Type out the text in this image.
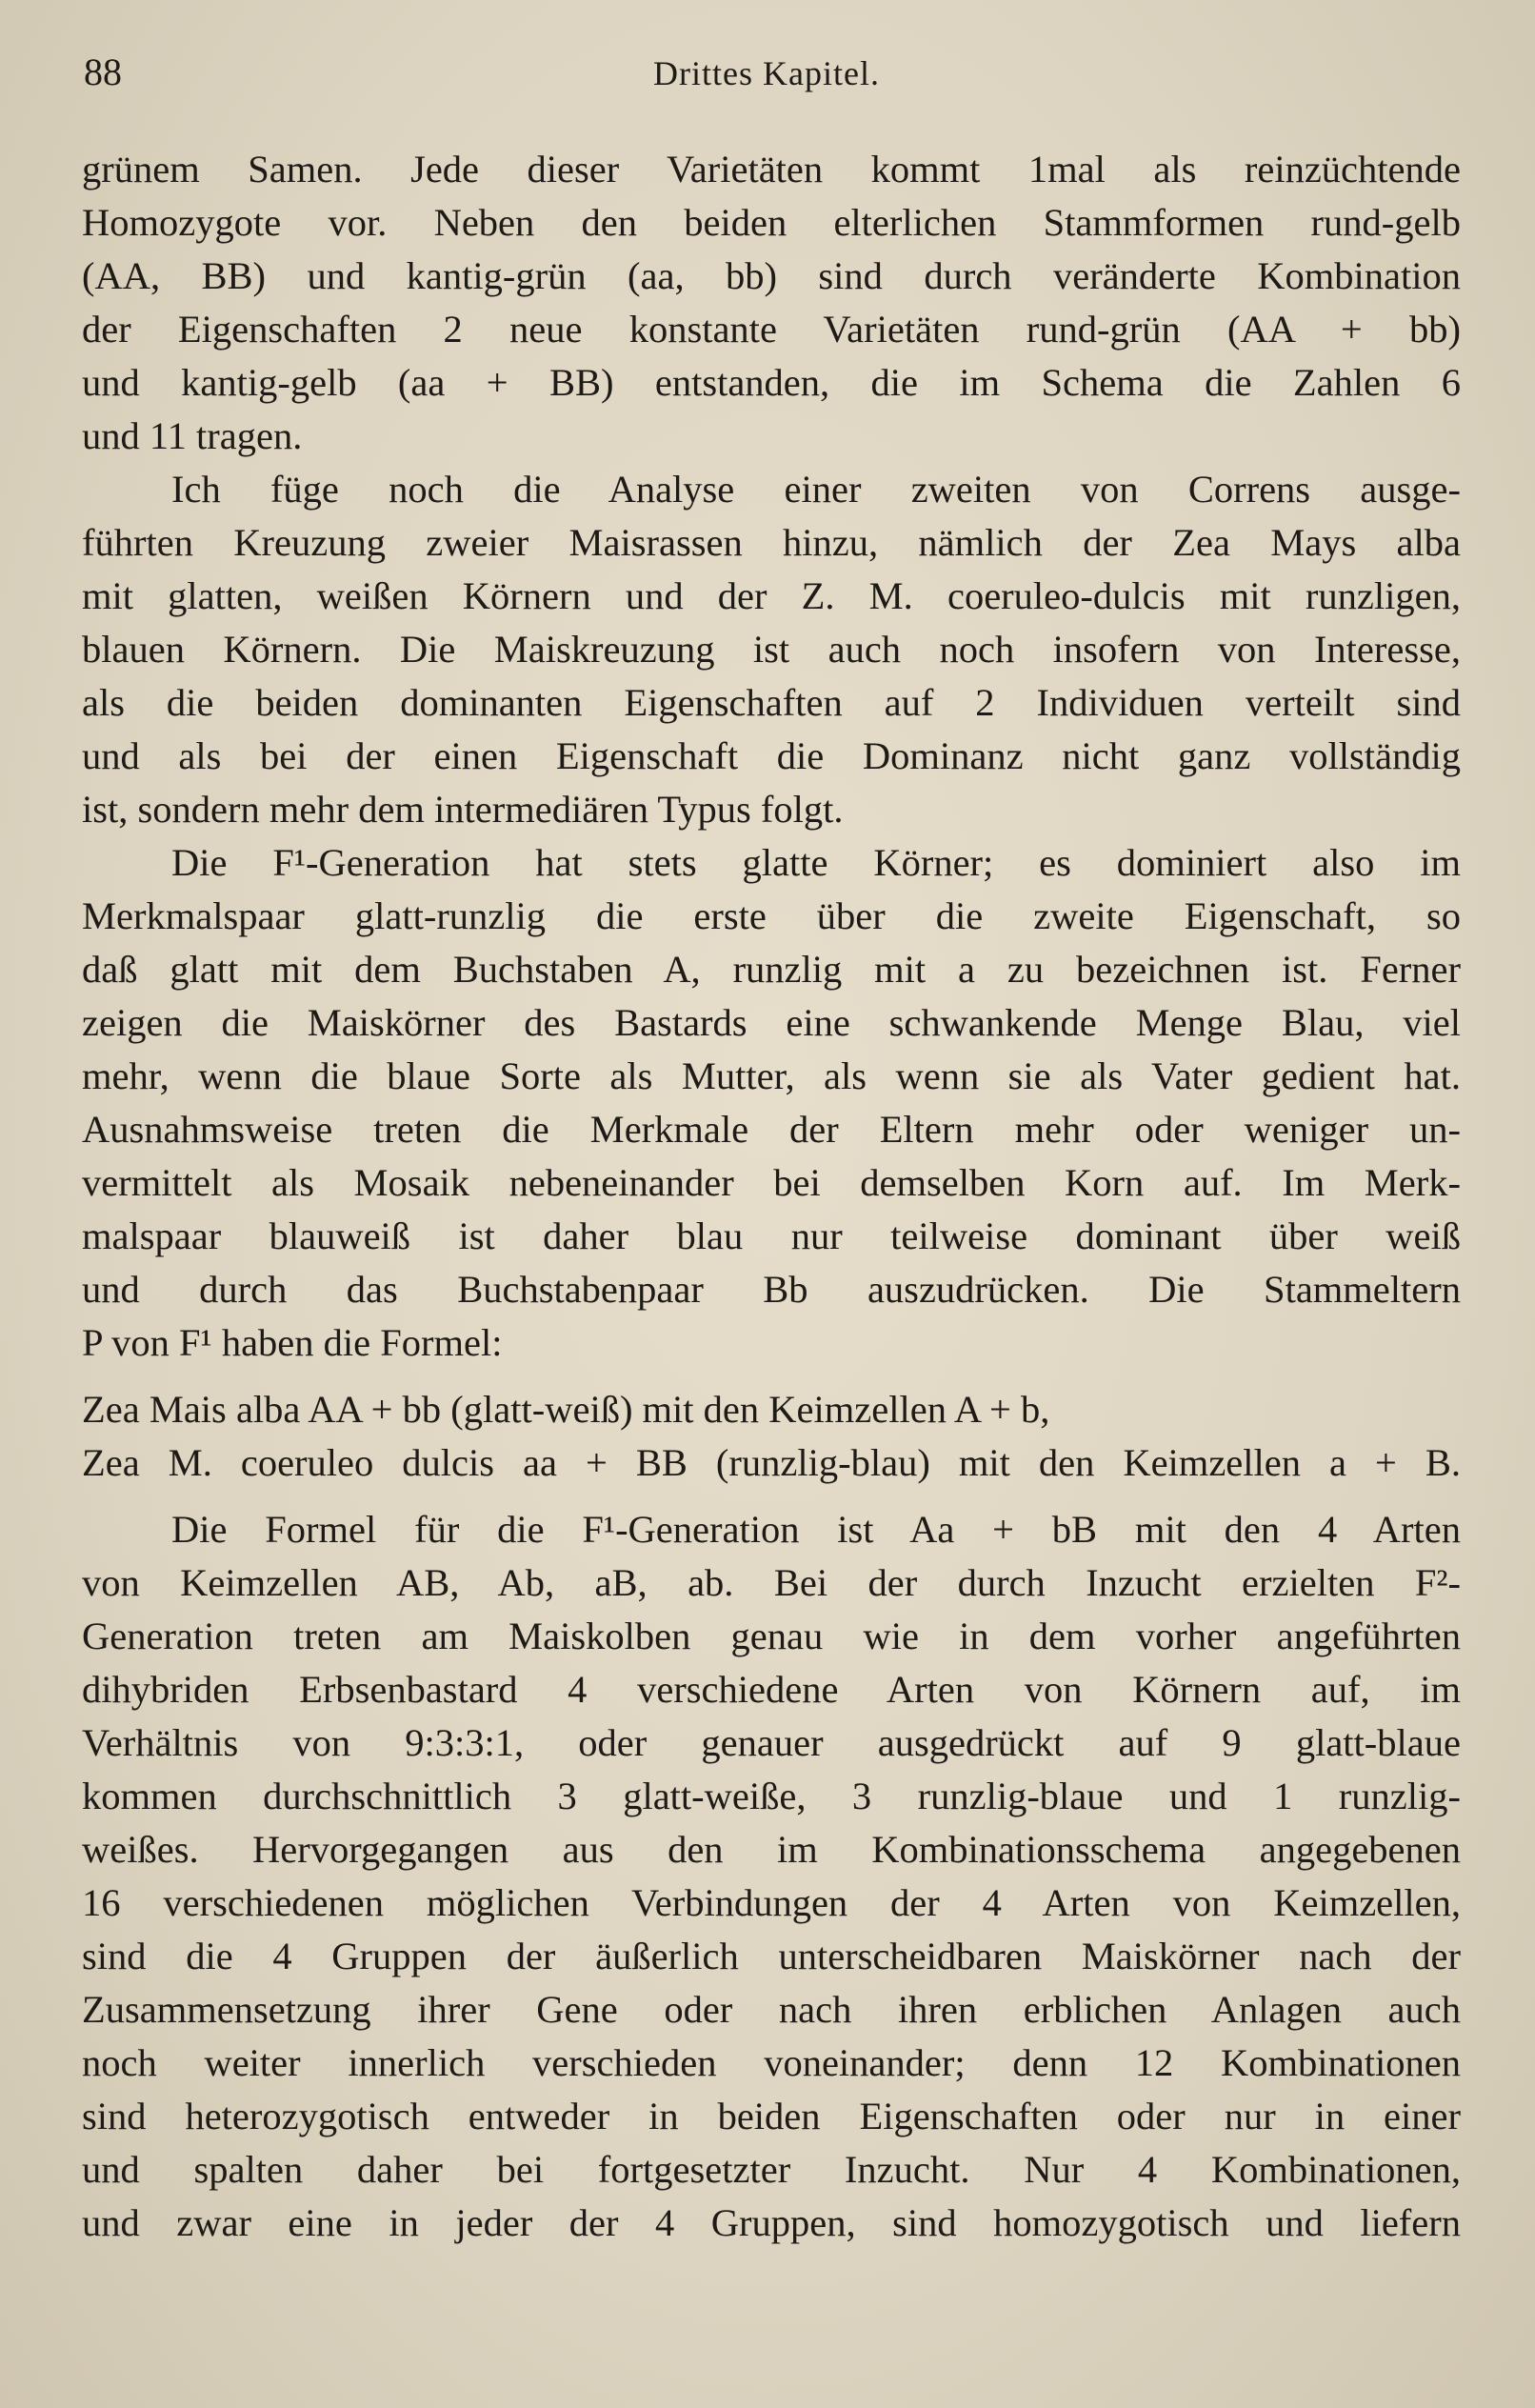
88	Drittes Kapitel.
grünem Samen. Jede dieser Varietäten kommt 1mal als reinzüchtende
Homozygote vor. Neben den beiden elterlichen Stammformen rund-gelb
(AA, BB) und kantig-grün (aa, bb) sind durch veränderte Kombination
der Eigenschaften 2 neue konstante Varietäten rund-grün (AA + bb)
und kantig-gelb (aa + BB) entstanden, die im Schema die Zahlen 6
und 11 tragen.
Ich füge noch die Analyse einer zweiten von Correns ausge-
führten Kreuzung zweier Maisrassen hinzu, nämlich der Zea Mays alba
mit glatten, weißen Körnern und der Z. M. coeruleo-dulcis mit runzligen,
blauen Körnern. Die Maiskreuzung ist auch noch insofern von Interesse,
als die beiden dominanten Eigenschaften auf 2 Individuen verteilt sind
und als bei der einen Eigenschaft die Dominanz nicht ganz vollständig
ist, sondern mehr dem intermediären Typus folgt.
Die F¹-Generation hat stets glatte Körner; es dominiert also im
Merkmalspaar glatt-runzlig die erste über die zweite Eigenschaft, so
daß glatt mit dem Buchstaben A, runzlig mit a zu bezeichnen ist. Ferner
zeigen die Maiskörner des Bastards eine schwankende Menge Blau, viel
mehr, wenn die blaue Sorte als Mutter, als wenn sie als Vater gedient hat.
Ausnahmsweise treten die Merkmale der Eltern mehr oder weniger un-
vermittelt als Mosaik nebeneinander bei demselben Korn auf. Im Merk-
malspaar blauweiß ist daher blau nur teilweise dominant über weiß
und durch das Buchstabenpaar Bb auszudrücken. Die Stammeltern
P von F¹ haben die Formel:
Zea Mais alba AA + bb (glatt-weiß) mit den Keimzellen A + b,
Zea M. coeruleo dulcis aa + BB (runzlig-blau) mit den Keimzellen a + B.
Die Formel für die F¹-Generation ist Aa + bB mit den 4 Arten
von Keimzellen AB, Ab, aB, ab. Bei der durch Inzucht erzielten F²-
Generation treten am Maiskolben genau wie in dem vorher angeführten
dihybriden Erbsenbastard 4 verschiedene Arten von Körnern auf, im
Verhältnis von 9:3:3:1, oder genauer ausgedrückt auf 9 glatt-blaue
kommen durchschnittlich 3 glatt-weiße, 3 runzlig-blaue und 1 runzlig-
weißes. Hervorgegangen aus den im Kombinationsschema angegebenen
16 verschiedenen möglichen Verbindungen der 4 Arten von Keimzellen,
sind die 4 Gruppen der äußerlich unterscheidbaren Maiskörner nach der
Zusammensetzung ihrer Gene oder nach ihren erblichen Anlagen auch
noch weiter innerlich verschieden voneinander; denn 12 Kombinationen
sind heterozygotisch entweder in beiden Eigenschaften oder nur in einer
und spalten daher bei fortgesetzter Inzucht. Nur 4 Kombinationen,
und zwar eine in jeder der 4 Gruppen, sind homozygotisch und liefern
